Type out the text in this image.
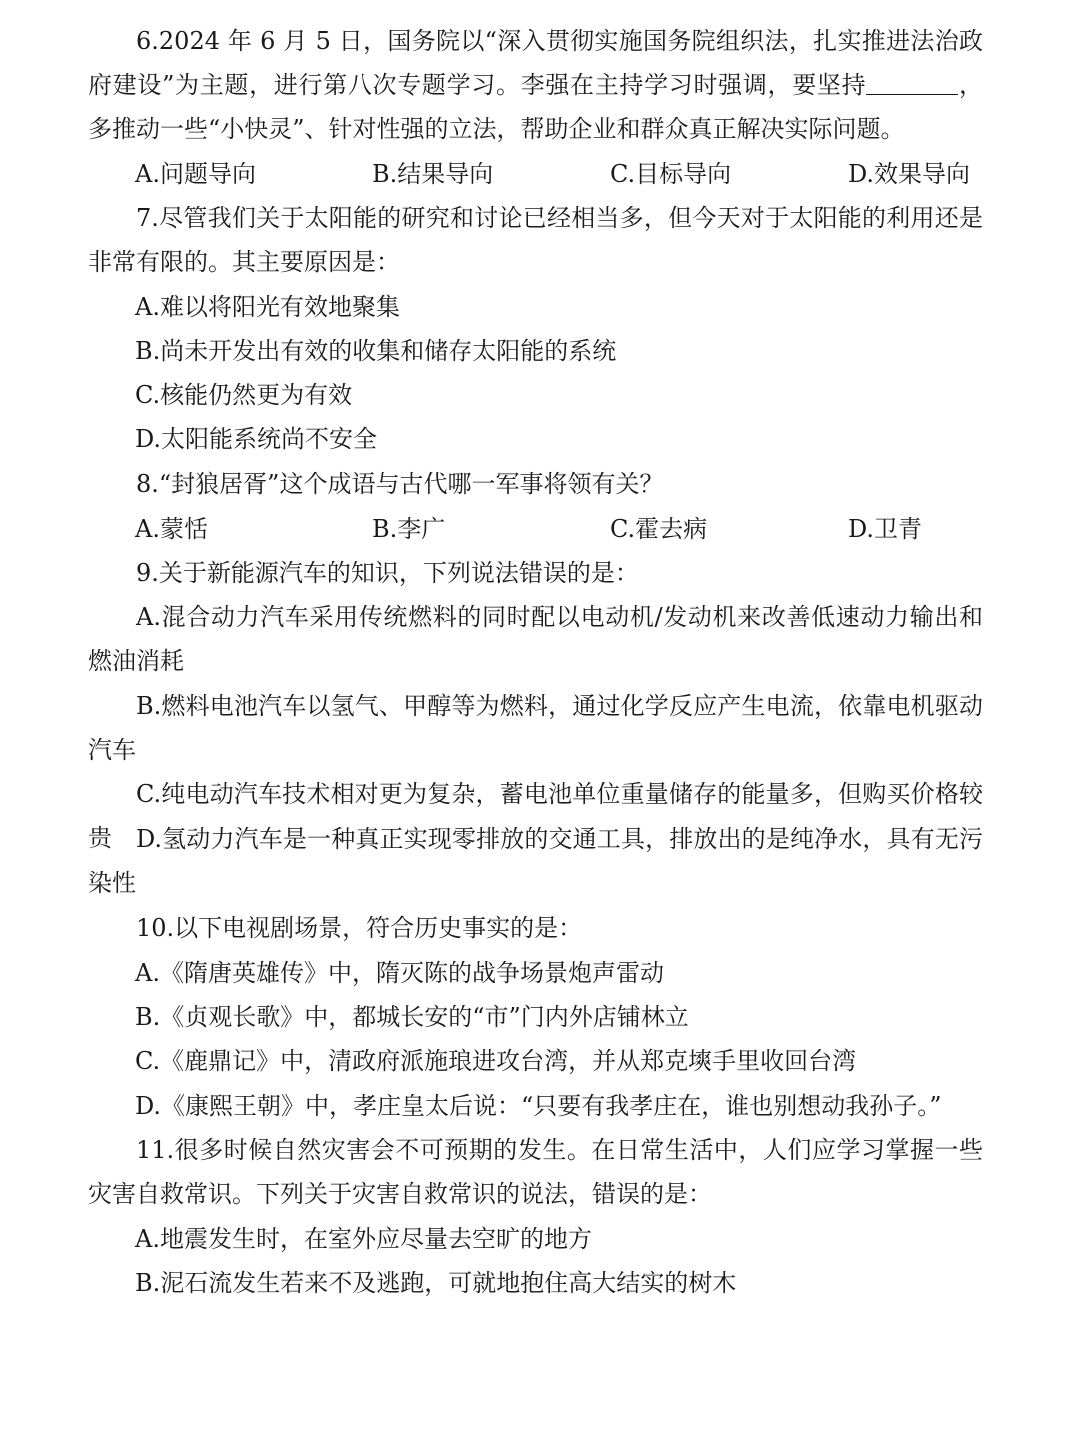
6.2024 年 6 月 5 日，国务院以“深入贯彻实施国务院组织法，扎实推进法治政府建设”为主题，进行第八次专题学习。李强在主持学习时强调，要坚持	，多推动一些“小快灵”、针对性强的立法，帮助企业和群众真正解决实际问题。
A.问题导向	B.结果导向	C.目标导向	D.效果导向
7.尽管我们关于太阳能的研究和讨论已经相当多，但今天对于太阳能的利用还是非常有限的。其主要原因是：
A.难以将阳光有效地聚集
B.尚未开发出有效的收集和储存太阳能的系统
C.核能仍然更为有效
D.太阳能系统尚不安全
8.“封狼居胥”这个成语与古代哪一军事将领有关？
A.蒙恬	B.李广	C.霍去病	D.卫青
9.关于新能源汽车的知识，下列说法错误的是：
A.混合动力汽车采用传统燃料的同时配以电动机/发动机来改善低速动力输出和燃油消耗
B.燃料电池汽车以氢气、甲醇等为燃料，通过化学反应产生电流，依靠电机驱动汽车
C.纯电动汽车技术相对更为复杂，蓄电池单位重量储存的能量多，但购买价格较贵	D.氢动力汽车是一种真正实现零排放的交通工具，排放出的是纯净水，具有无污染性
10.以下电视剧场景，符合历史事实的是：
A.《隋唐英雄传》中，隋灭陈的战争场景炮声雷动
B.《贞观长歌》中，都城长安的“市”门内外店铺林立
C.《鹿鼎记》中，清政府派施琅进攻台湾，并从郑克塽手里收回台湾
D.《康熙王朝》中，孝庄皇太后说：“只要有我孝庄在，谁也别想动我孙子。”
11.很多时候自然灾害会不可预期的发生。在日常生活中，人们应学习掌握一些灾害自救常识。下列关于灾害自救常识的说法，错误的是：
A.地震发生时，在室外应尽量去空旷的地方
B.泥石流发生若来不及逃跑，可就地抱住高大结实的树木
